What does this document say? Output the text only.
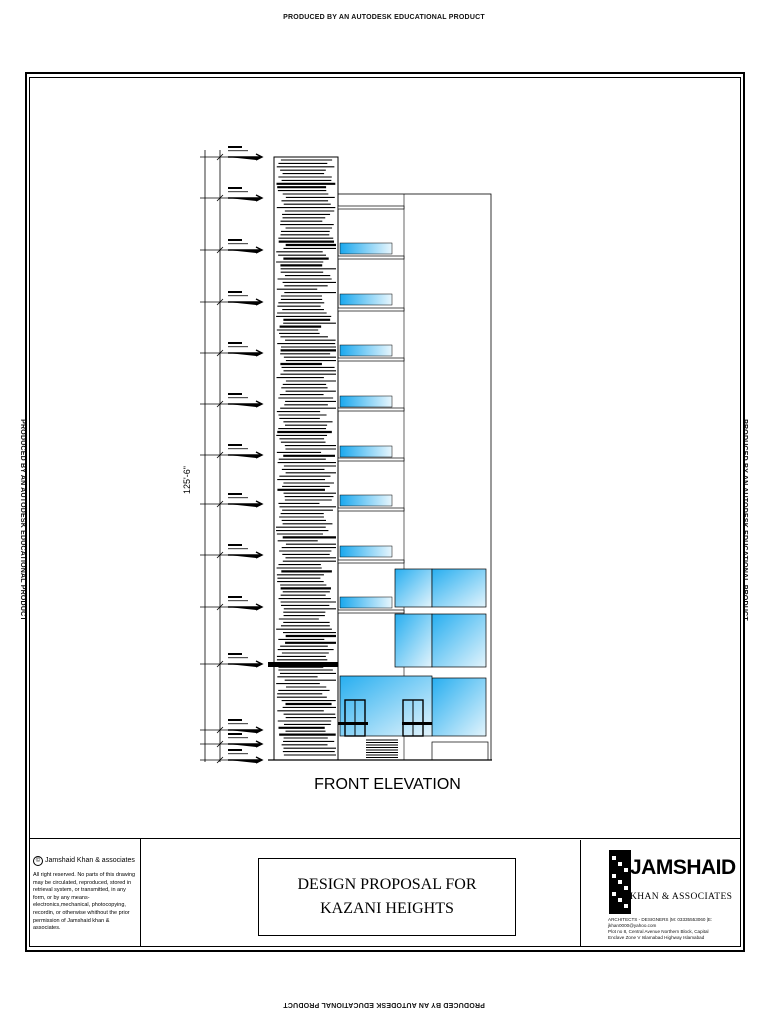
PRODUCED BY AN AUTODESK EDUCATIONAL PRODUCT
PRODUCED BY AN AUTODESK EDUCATIONAL PRODUCT
PRODUCED BY AN AUTODESK EDUCATIONAL PRODUCT	PRODUCED BY AN AUTODESK EDUCATIONAL PRODUCT
125'-6"
FRONT ELEVATION
© Jamshaid Khan & associates
All right reserved. No parts of this drawing may be circulated, reproduced, stored in retrieval system, or transmitted, in any form, or by any means-electronics,mechanical, photocopying, recordin, or otherwise whithout the prior permission of Jamshaid khan & associates.
DESIGN PROPOSAL FOR
KAZANI HEIGHTS
JAMSHAID
KHAN & ASSOCIATES
ARCHITECTS - DESIGNERS |M: 03335553060 |E: jkhan0000@yahoo.com
Plot no 8, Central Avenue Northern Block, Capital
Enclave Zone V Islamabad Highway Islamabad
